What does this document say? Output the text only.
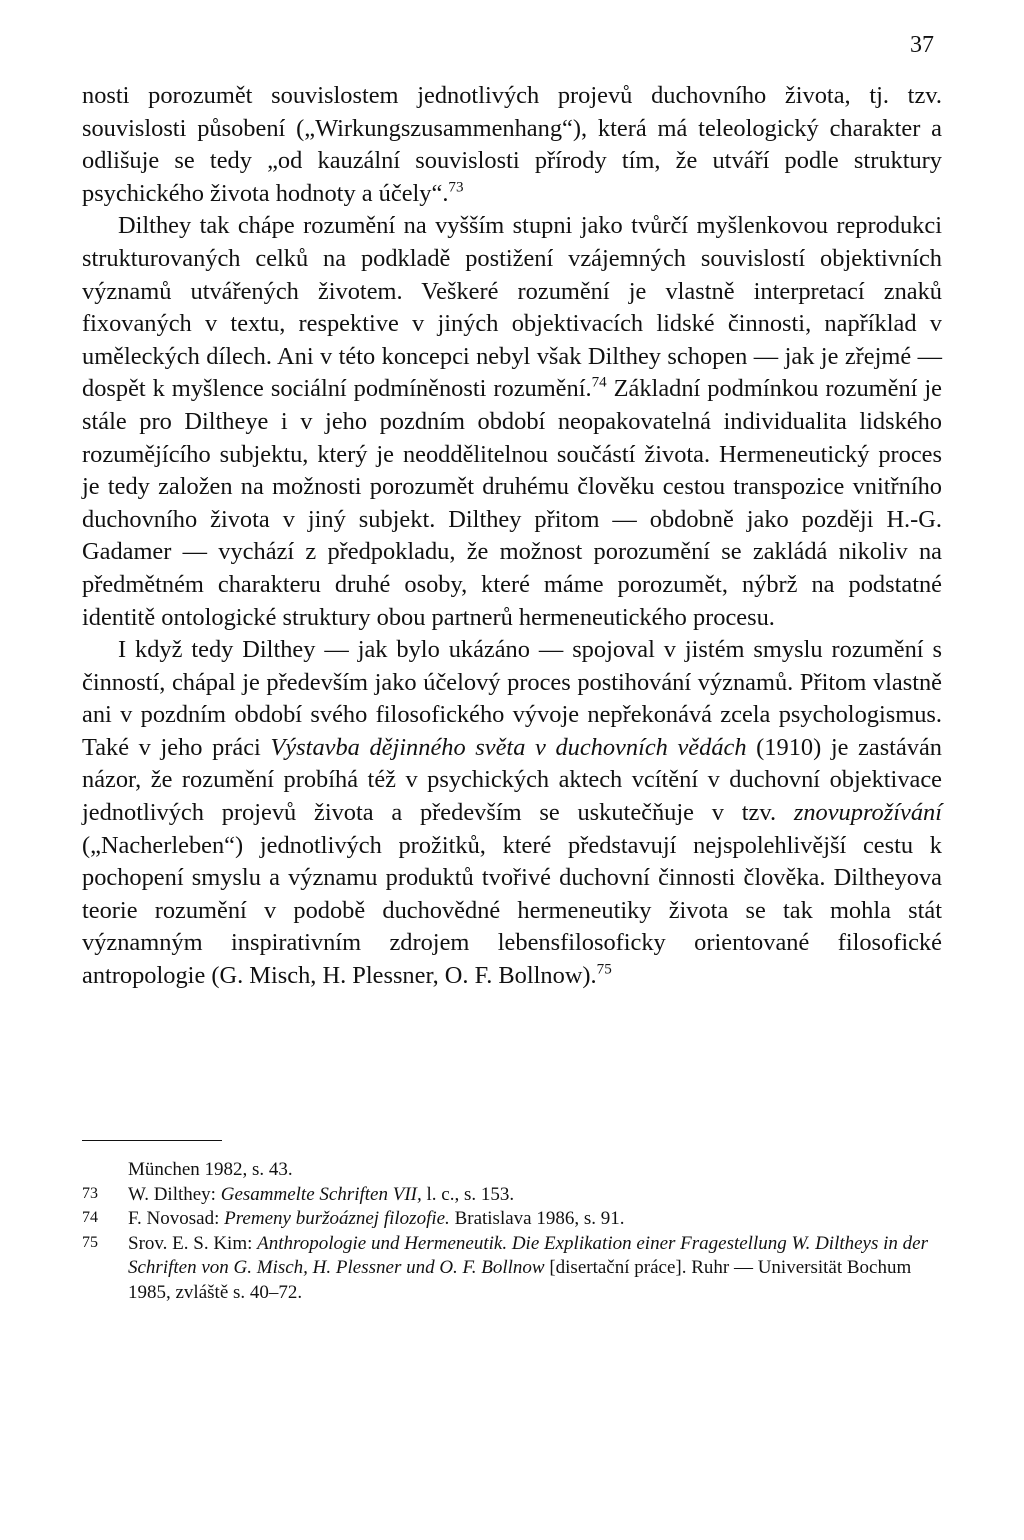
37

nosti porozumět souvislostem jednotlivých projevů duchovního života, tj. tzv. souvislosti působení („Wirkungszusammenhang“), která má teleologický charakter a odlišuje se tedy „od kauzální souvislosti přírody tím, že utváří podle struktury psychického života hodnoty a účely“.$^{73}$

Dilthey tak chápe rozumění na vyšším stupni jako tvůrčí myšlenkovou reprodukci strukturovaných celků na podkladě postižení vzájemných souvislostí objektivních významů utvářených životem. Veškeré rozumění je vlastně interpretací znaků fixovaných v textu, respektive v jiných objektivacích lidské činnosti, například v uměleckých dílech. Ani v této koncepci nebyl však Dilthey schopen — jak je zřejmé — dospět k myšlence sociální podmíněnosti rozumění.$^{74}$ Základní podmínkou rozumění je stále pro Diltheye i v jeho pozdním období neopakovatelná individualita lidského rozumějícího subjektu, který je neoddělitelnou součástí života. Hermeneutický proces je tedy založen na možnosti porozumět druhému člověku cestou transpozice vnitřního duchovního života v jiný subjekt. Dilthey přitom — obdobně jako později H.-G. Gadamer — vychází z předpokladu, že možnost porozumění se zakládá nikoliv na předmětném charakteru druhé osoby, které máme porozumět, nýbrž na podstatné identitě ontologické struktury obou partnerů hermeneutického procesu.

I když tedy Dilthey — jak bylo ukázáno — spojoval v jistém smyslu rozumění s činností, chápal je především jako účelový proces postihování významů. Přitom vlastně ani v pozdním období svého filosofického vývoje nepřekonává zcela psychologismus. Také v jeho práci Výstavba dějinného světa v duchovních vědách (1910) je zastáván názor, že rozumění probíhá též v psychických aktech vcítění v duchovní objektivace jednotlivých projevů života a především se uskutečňuje v tzv. znovuprožívání („Nacherleben“) jednotlivých prožitků, které představují nejspolehlivější cestu k pochopení smyslu a významu produktů tvořivé duchovní činnosti člověka. Diltheyova teorie rozumění v podobě duchovědné hermeneutiky života se tak mohla stát významným inspirativním zdrojem lebensfilosoficky orientované filosofické antropologie (G. Misch, H. Plessner, O. F. Bollnow).$^{75}$

München 1982, s. 43.
73 W. Dilthey: Gesammelte Schriften VII, l. c., s. 153.
74 F. Novosad: Premeny buržoáznej filozofie. Bratislava 1986, s. 91.
75 Srov. E. S. Kim: Anthropologie und Hermeneutik. Die Explikation einer Fragestellung W. Diltheys in der Schriften von G. Misch, H. Plessner und O. F. Bollnow [disertační práce]. Ruhr — Universität Bochum 1985, zvláště s. 40–72.
